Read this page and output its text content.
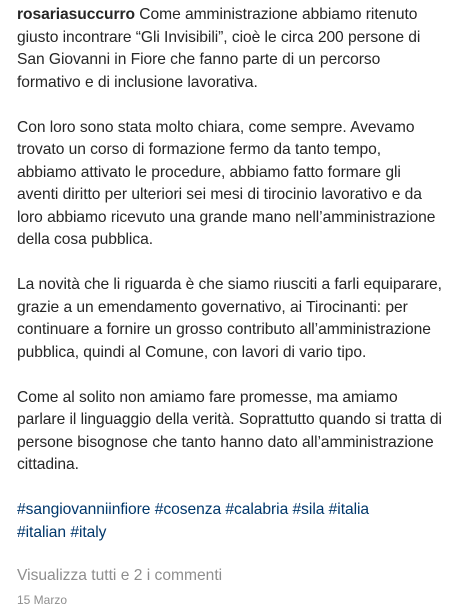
rosariasuccurro Come amministrazione abbiamo ritenuto giusto incontrare “Gli Invisibili”, cioè le circa 200 persone di San Giovanni in Fiore che fanno parte di un percorso formativo e di inclusione lavorativa.

Con loro sono stata molto chiara, come sempre. Avevamo trovato un corso di formazione fermo da tanto tempo, abbiamo attivato le procedure, abbiamo fatto formare gli aventi diritto per ulteriori sei mesi di tirocinio lavorativo e da loro abbiamo ricevuto una grande mano nell’amministrazione della cosa pubblica.

La novità che li riguarda è che siamo riusciti a farli equiparare, grazie a un emendamento governativo, ai Tirocinanti: per continuare a fornire un grosso contributo all’amministrazione pubblica, quindi al Comune, con lavori di vario tipo.

Come al solito non amiamo fare promesse, ma amiamo parlare il linguaggio della verità. Soprattutto quando si tratta di persone bisognose che tanto hanno dato all’amministrazione cittadina.

#sangiovanniinfiore #cosenza #calabria #sila #italia
#italian #italy

Visualizza tutti e 2 i commenti
15 Marzo
